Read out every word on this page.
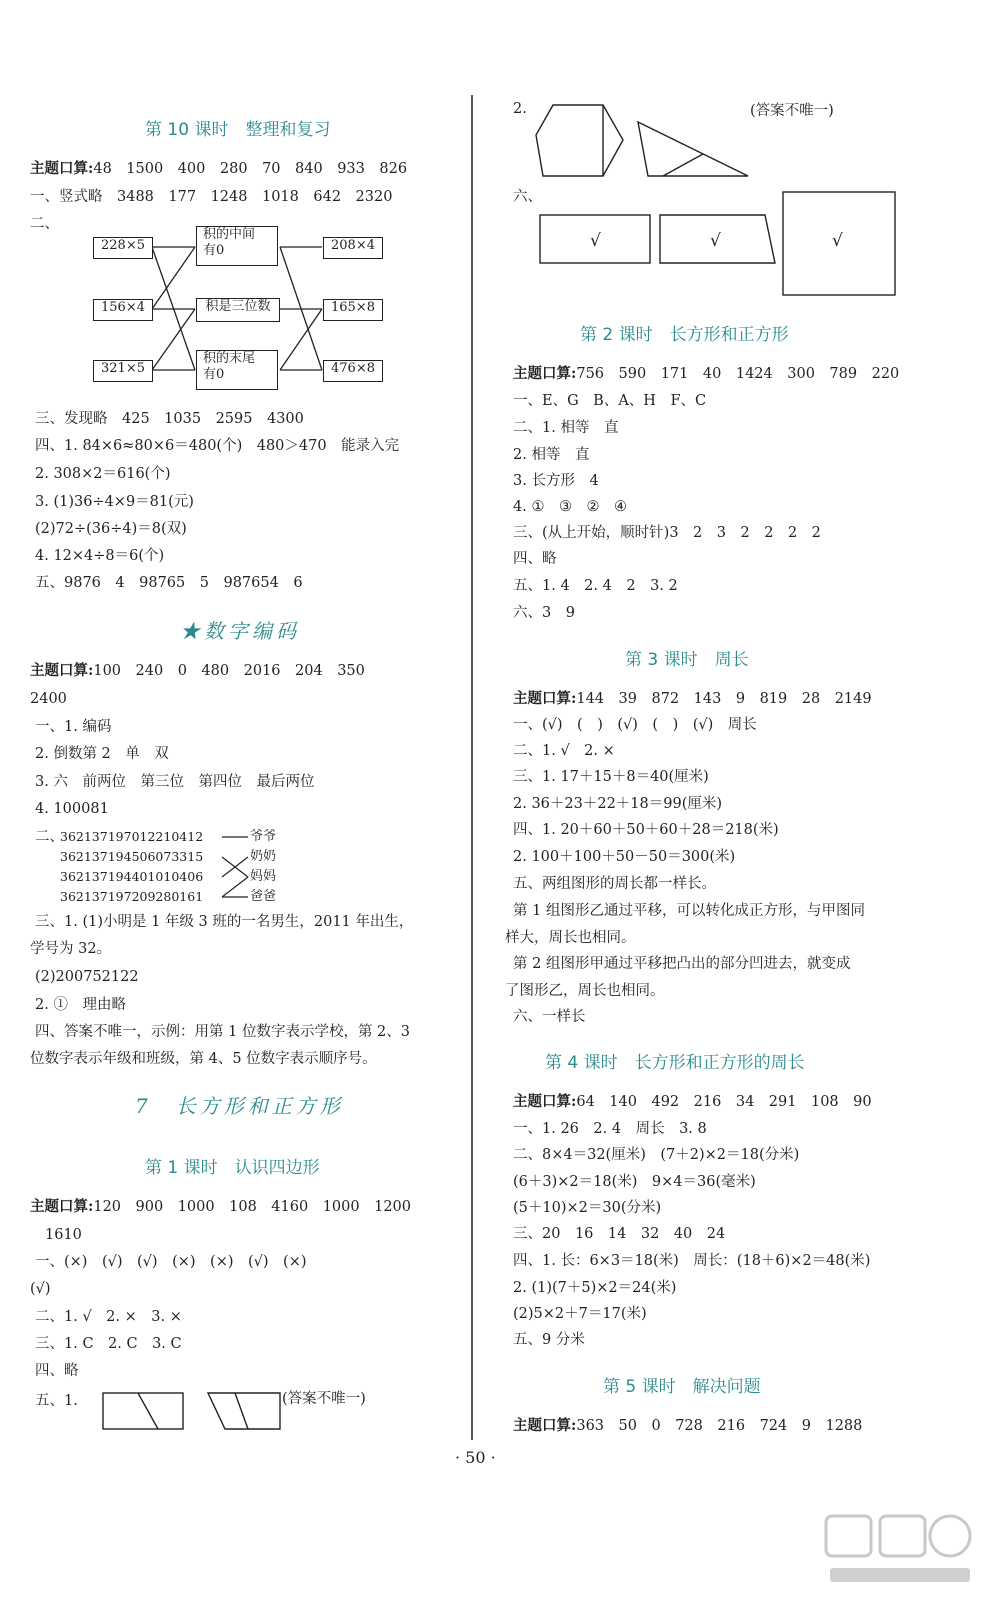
第 10 课时　整理和复习
主题口算:48　1500　400　280　70　840　933　826
一、竖式略　3488　177　1248　1018　642　2320
二、
228×5
156×4
321×5
积的中间
有0
积是三位数
积的末尾
有0
208×4
165×8
476×8
三、发现略　425　1035　2595　4300
四、1. 84×6≈80×6＝480(个)　480＞470　能录入完
2. 308×2＝616(个)
3. (1)36÷4×9＝81(元)
(2)72÷(36÷4)＝8(双)
4. 12×4÷8＝6(个)
五、9876　4　98765　5　987654　6
★数字编码
主题口算:100　240　0　480　2016　204　350
2400
一、1. 编码
2. 倒数第 2　单　双
3. 六　前两位　第三位　第四位　最后两位
4. 100081
二、
362137197012210412
362137194506073315
362137194401010406
362137197209280161
爷爷
奶奶
妈妈
爸爸
三、1. (1)小明是 1 年级 3 班的一名男生，2011 年出生，
学号为 32。
(2)200752122
2. ①　理由略
四、答案不唯一，示例：用第 1 位数字表示学校，第 2、3
位数字表示年级和班级，第 4、5 位数字表示顺序号。
7　长方形和正方形
第 1 课时　认识四边形
主题口算:120　900　1000　108　4160　1000　1200
1610
一、(×)　(√)　(√)　(×)　(×)　(√)　(×)
(√)
二、1. √　2. ×　3. ×
三、1. C　2. C　3. C
四、略
五、1.	(答案不唯一)
2.	(答案不唯一)
六、
√	√	√
第 2 课时　长方形和正方形
主题口算:756　590　171　40　1424　300　789　220
一、E、G　B、A、H　F、C
二、1. 相等　直
2. 相等　直
3. 长方形　4
4. ①　③　②　④
三、(从上开始，顺时针)3　2　3　2　2　2　2
四、略
五、1. 4　2. 4　2　3. 2
六、3　9
第 3 课时　周长
主题口算:144　39　872　143　9　819　28　2149
一、(√)　(　)　(√)　(　)　(√)　周长
二、1. √　2. ×
三、1. 17＋15＋8＝40(厘米)
2. 36＋23＋22＋18＝99(厘米)
四、1. 20＋60＋50＋60＋28＝218(米)
2. 100＋100＋50－50＝300(米)
五、两组图形的周长都一样长。
第 1 组图形乙通过平移，可以转化成正方形，与甲图同
样大，周长也相同。
第 2 组图形甲通过平移把凸出的部分凹进去，就变成
了图形乙，周长也相同。
六、一样长
第 4 课时　长方形和正方形的周长
主题口算:64　140　492　216　34　291　108　90
一、1. 26　2. 4　周长　3. 8
二、8×4＝32(厘米)　(7＋2)×2＝18(分米)
(6＋3)×2＝18(米)　9×4＝36(毫米)
(5＋10)×2＝30(分米)
三、20　16　14　32　40　24
四、1. 长：6×3＝18(米)　周长：(18＋6)×2＝48(米)
2. (1)(7＋5)×2＝24(米)
(2)5×2＋7＝17(米)
五、9 分米
第 5 课时　解决问题
主题口算:363　50　0　728　216　724　9　1288
· 50 ·
